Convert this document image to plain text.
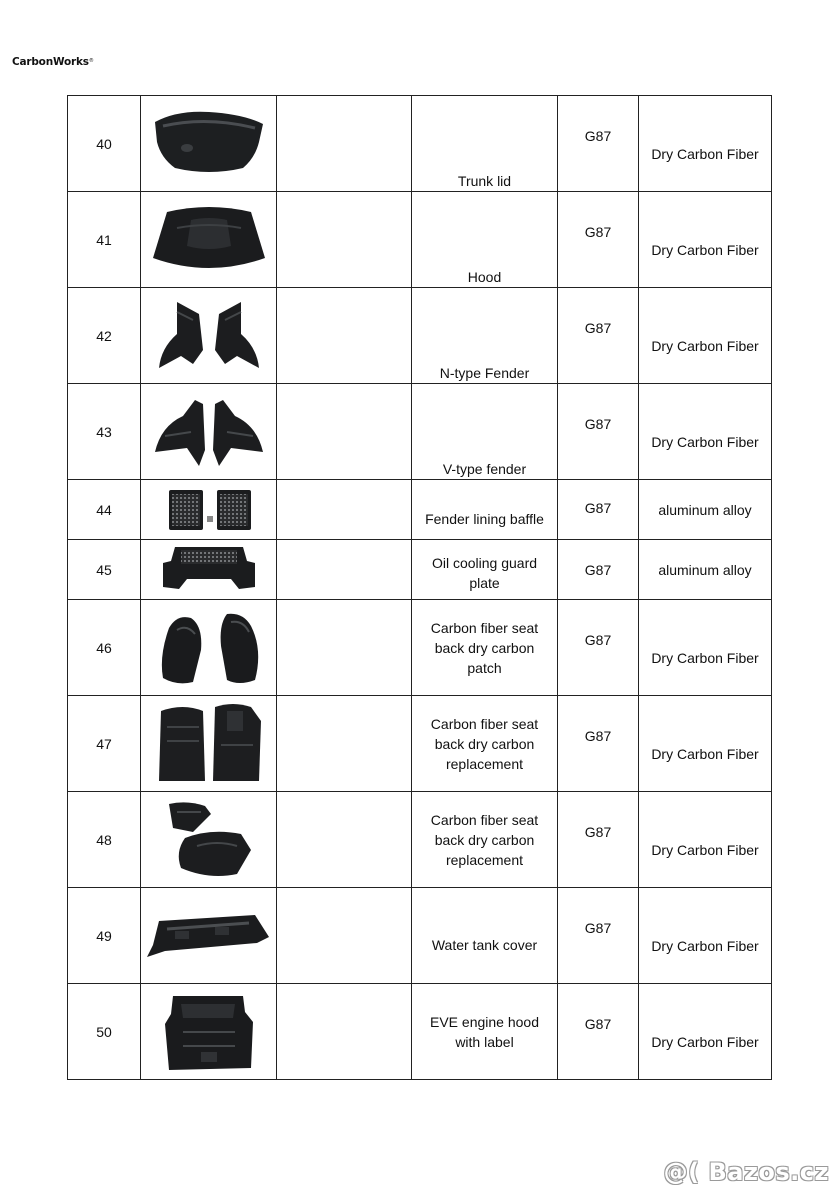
CarbonWorks®
40			Trunk lid	G87	Dry Carbon Fiber
41			Hood	G87	Dry Carbon Fiber
42			N-type Fender	G87	Dry Carbon Fiber
43			V-type fender	G87	Dry Carbon Fiber
44			Fender lining baffle	G87	aluminum alloy
45			Oil cooling guard plate	G87	aluminum alloy
46			Carbon fiber seat back dry carbon patch	G87	Dry Carbon Fiber
47			Carbon fiber seat back dry carbon replacement	G87	Dry Carbon Fiber
48			Carbon fiber seat back dry carbon replacement	G87	Dry Carbon Fiber
49			Water tank cover	G87	Dry Carbon Fiber
50			EVE engine hood with label	G87	Dry Carbon Fiber
@( Bazos.cz
